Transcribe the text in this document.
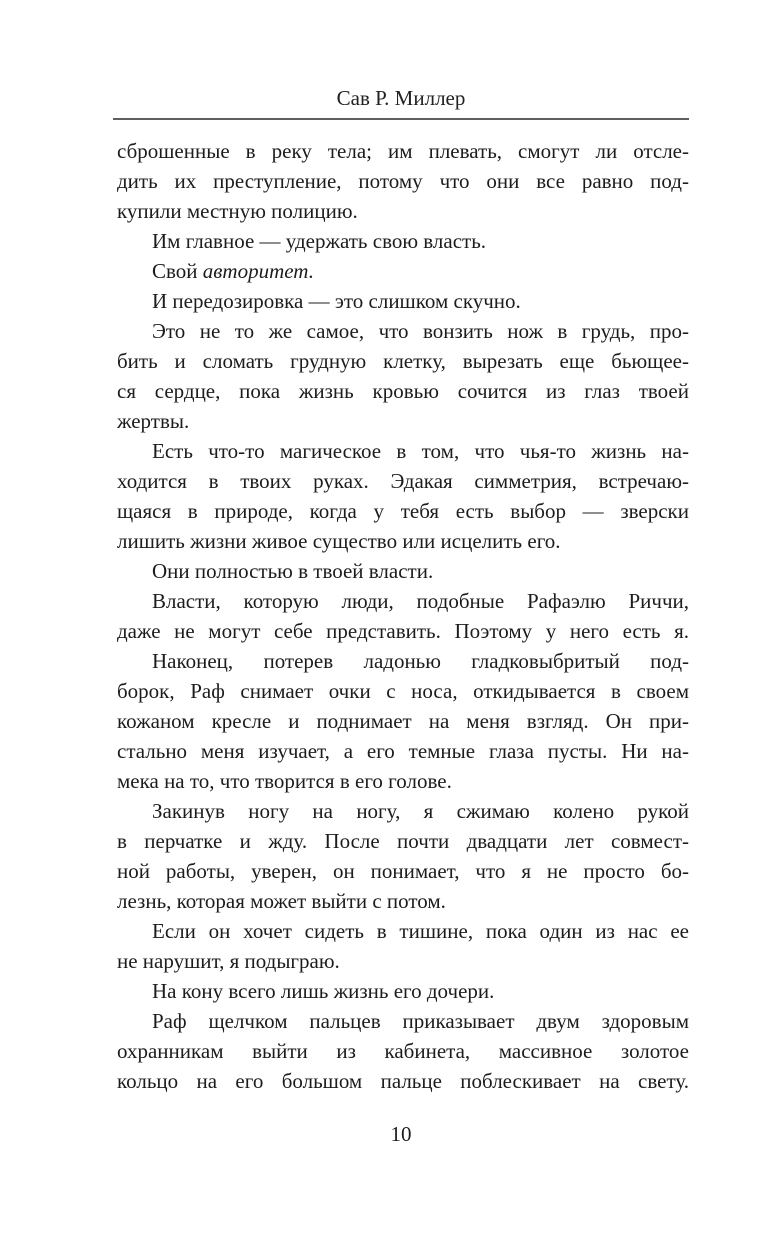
Сав Р. Миллер
сброшенные в реку тела; им плевать, смогут ли отсле-
дить их преступление, потому что они все равно под-
купили местную полицию.
Им главное — удержать свою власть.
Свой авторитет.
И передозировка — это слишком скучно.
Это не то же самое, что вонзить нож в грудь, про-
бить и сломать грудную клетку, вырезать еще бьющее-
ся сердце, пока жизнь кровью сочится из глаз твоей
жертвы.
Есть что-то магическое в том, что чья-то жизнь на-
ходится в твоих руках. Эдакая симметрия, встречаю-
щаяся в природе, когда у тебя есть выбор — зверски
лишить жизни живое существо или исцелить его.
Они полностью в твоей власти.
Власти, которую люди, подобные Рафаэлю Риччи,
даже не могут себе представить. Поэтому у него есть я.
Наконец, потерев ладонью гладковыбритый под-
борок, Раф снимает очки с носа, откидывается в своем
кожаном кресле и поднимает на меня взгляд. Он при-
стально меня изучает, а его темные глаза пусты. Ни на-
мека на то, что творится в его голове.
Закинув ногу на ногу, я сжимаю колено рукой
в перчатке и жду. После почти двадцати лет совмест-
ной работы, уверен, он понимает, что я не просто бо-
лезнь, которая может выйти с потом.
Если он хочет сидеть в тишине, пока один из нас ее
не нарушит, я подыграю.
На кону всего лишь жизнь его дочери.
Раф щелчком пальцев приказывает двум здоровым
охранникам выйти из кабинета, массивное золотое
кольцо на его большом пальце поблескивает на свету.
10
